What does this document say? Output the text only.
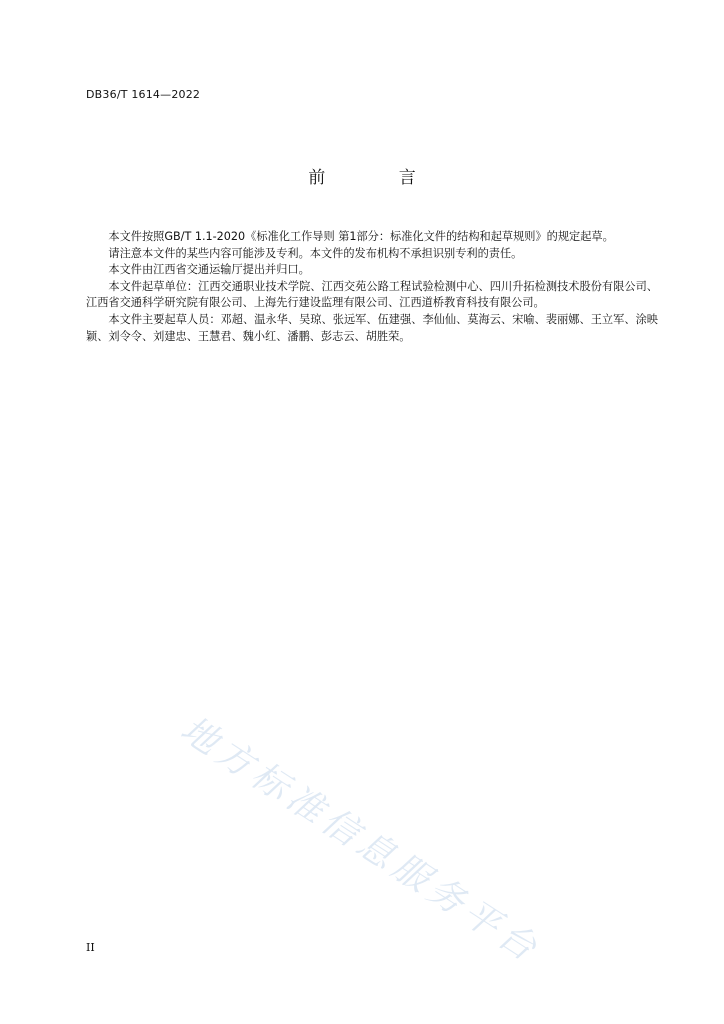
DB36/T 1614—2022
前 言

本文件按照GB/T 1.1-2020《标准化工作导则 第1部分：标准化文件的结构和起草规则》的规定起草。

请注意本文件的某些内容可能涉及专利。本文件的发布机构不承担识别专利的责任。

本文件由江西省交通运输厅提出并归口。

本文件起草单位：江西交通职业技术学院、江西交苑公路工程试验检测中心、四川升拓检测技术股份有限公司、江西省交通科学研究院有限公司、上海先行建设监理有限公司、江西道桥教育科技有限公司。

本文件主要起草人员：邓超、温永华、吴琼、张远军、伍建强、李仙仙、莫海云、宋喻、裴丽娜、王立军、涂映颖、刘令令、刘建忠、王慧君、魏小红、潘鹏、彭志云、胡胜荣。

地方标准信息服务平台
II
